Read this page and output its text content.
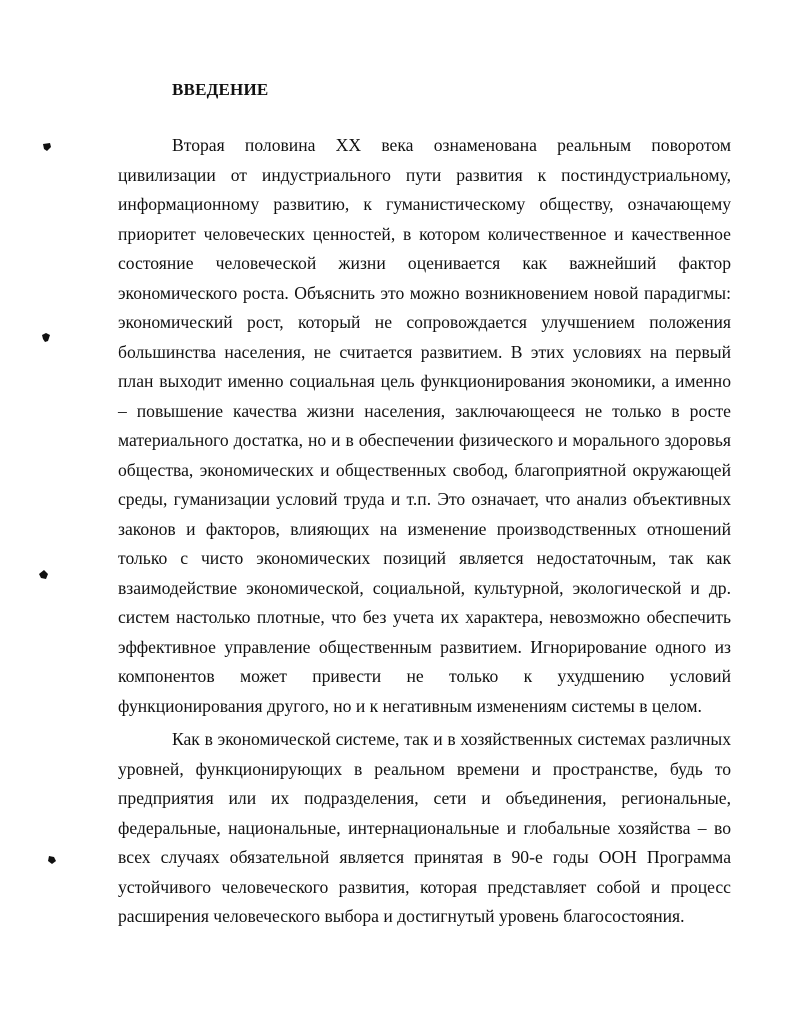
ВВЕДЕНИЕ

Вторая половина XX века ознаменована реальным поворотом цивилизации от индустриального пути развития к постиндустриальному, информационному развитию, к гуманистическому обществу, означающему приоритет человеческих ценностей, в котором количественное и качественное состояние человеческой жизни оценивается как важнейший фактор экономического роста. Объяснить это можно возникновением новой парадигмы: экономический рост, который не сопровождается улучшением положения большинства населения, не считается развитием. В этих условиях на первый план выходит именно социальная цель функционирования экономики, а именно – повышение качества жизни населения, заключающееся не только в росте материального достатка, но и в обеспечении физического и морального здоровья общества, экономических и общественных свобод, благоприятной окружающей среды, гуманизации условий труда и т.п. Это означает, что анализ объективных законов и факторов, влияющих на изменение производственных отношений только с чисто экономических позиций является недостаточным, так как взаимодействие экономической, социальной, культурной, экологической и др. систем настолько плотные, что без учета их характера, невозможно обеспечить эффективное управление общественным развитием. Игнорирование одного из компонентов может привести не только к ухудшению условий функционирования другого, но и к негативным изменениям системы в целом.

Как в экономической системе, так и в хозяйственных системах различных уровней, функционирующих в реальном времени и пространстве, будь то предприятия или их подразделения, сети и объединения, региональные, федеральные, национальные, интернациональные и глобальные хозяйства – во всех случаях обязательной является принятая в 90-е годы ООН Программа устойчивого человеческого развития, которая представляет собой и процесс расширения человеческого выбора и достигнутый уровень благосостояния.
